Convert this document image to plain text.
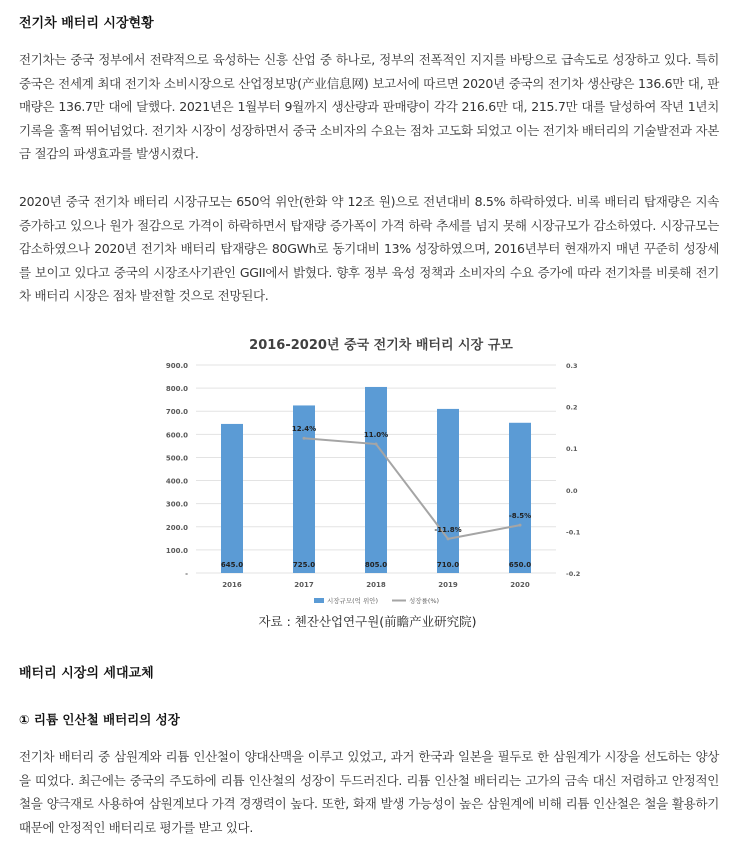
전기차 배터리 시장현황

전기차는 중국 정부에서 전략적으로 육성하는 신흥 산업 중 하나로, 정부의 전폭적인 지지를 바탕으로 급속도로 성장하고 있다. 특히 중국은 전세계 최대 전기차 소비시장으로 산업정보망(产业信息网) 보고서에 따르면 2020년 중국의 전기차 생산량은 136.6만 대, 판매량은 136.7만 대에 달했다. 2021년은 1월부터 9월까지 생산량과 판매량이 각각 216.6만 대, 215.7만 대를 달성하여 작년 1년치 기록을 훌쩍 뛰어넘었다. 전기차 시장이 성장하면서 중국 소비자의 수요는 점차 고도화 되었고 이는 전기차 배터리의 기술발전과 자본금 절감의 파생효과를 발생시켰다.

2020년 중국 전기차 배터리 시장규모는 650억 위안(한화 약 12조 원)으로 전년대비 8.5% 하락하였다. 비록 배터리 탑재량은 지속 증가하고 있으나 원가 절감으로 가격이 하락하면서 탑재량 증가폭이 가격 하락 추세를 넘지 못해 시장규모가 감소하였다. 시장규모는 감소하였으나 2020년 전기차 배터리 탑재량은 80GWh로 동기대비 13% 성장하였으며, 2016년부터 현재까지 매년 꾸준히 성장세를 보이고 있다고 중국의 시장조사기관인 GGII에서 밝혔다. 향후 정부 육성 정책과 소비자의 수요 증가에 따라 전기차를 비롯해 전기차 배터리 시장은 점차 발전할 것으로 전망된다.

2016-2020년 중국 전기차 배터리 시장 규모
-
100.0
200.0
300.0
400.0
500.0
600.0
700.0
800.0
900.0
-0.2
-0.1
0.0
0.1
0.2
0.3
645.0	725.0	805.0	710.0	650.0
12.4%
11.0%
-11.8%
-8.5%
2016	2017	2018	2019	2020
시장규모(억 위안)	성장률(%)
자료 : 첸잔산업연구원(前瞻产业研究院)
배터리 시장의 세대교체
① 리튬 인산철 배터리의 성장

전기차 배터리 중 삼원계와 리튬 인산철이 양대산맥을 이루고 있었고, 과거 한국과 일본을 필두로 한 삼원계가 시장을 선도하는 양상을 띠었다. 최근에는 중국의 주도하에 리튬 인산철의 성장이 두드러진다. 리튬 인산철 배터리는 고가의 금속 대신 저렴하고 안정적인 철을 양극재로 사용하여 삼원계보다 가격 경쟁력이 높다. 또한, 화재 발생 가능성이 높은 삼원계에 비해 리튬 인산철은 철을 활용하기 때문에 안정적인 배터리로 평가를 받고 있다.
